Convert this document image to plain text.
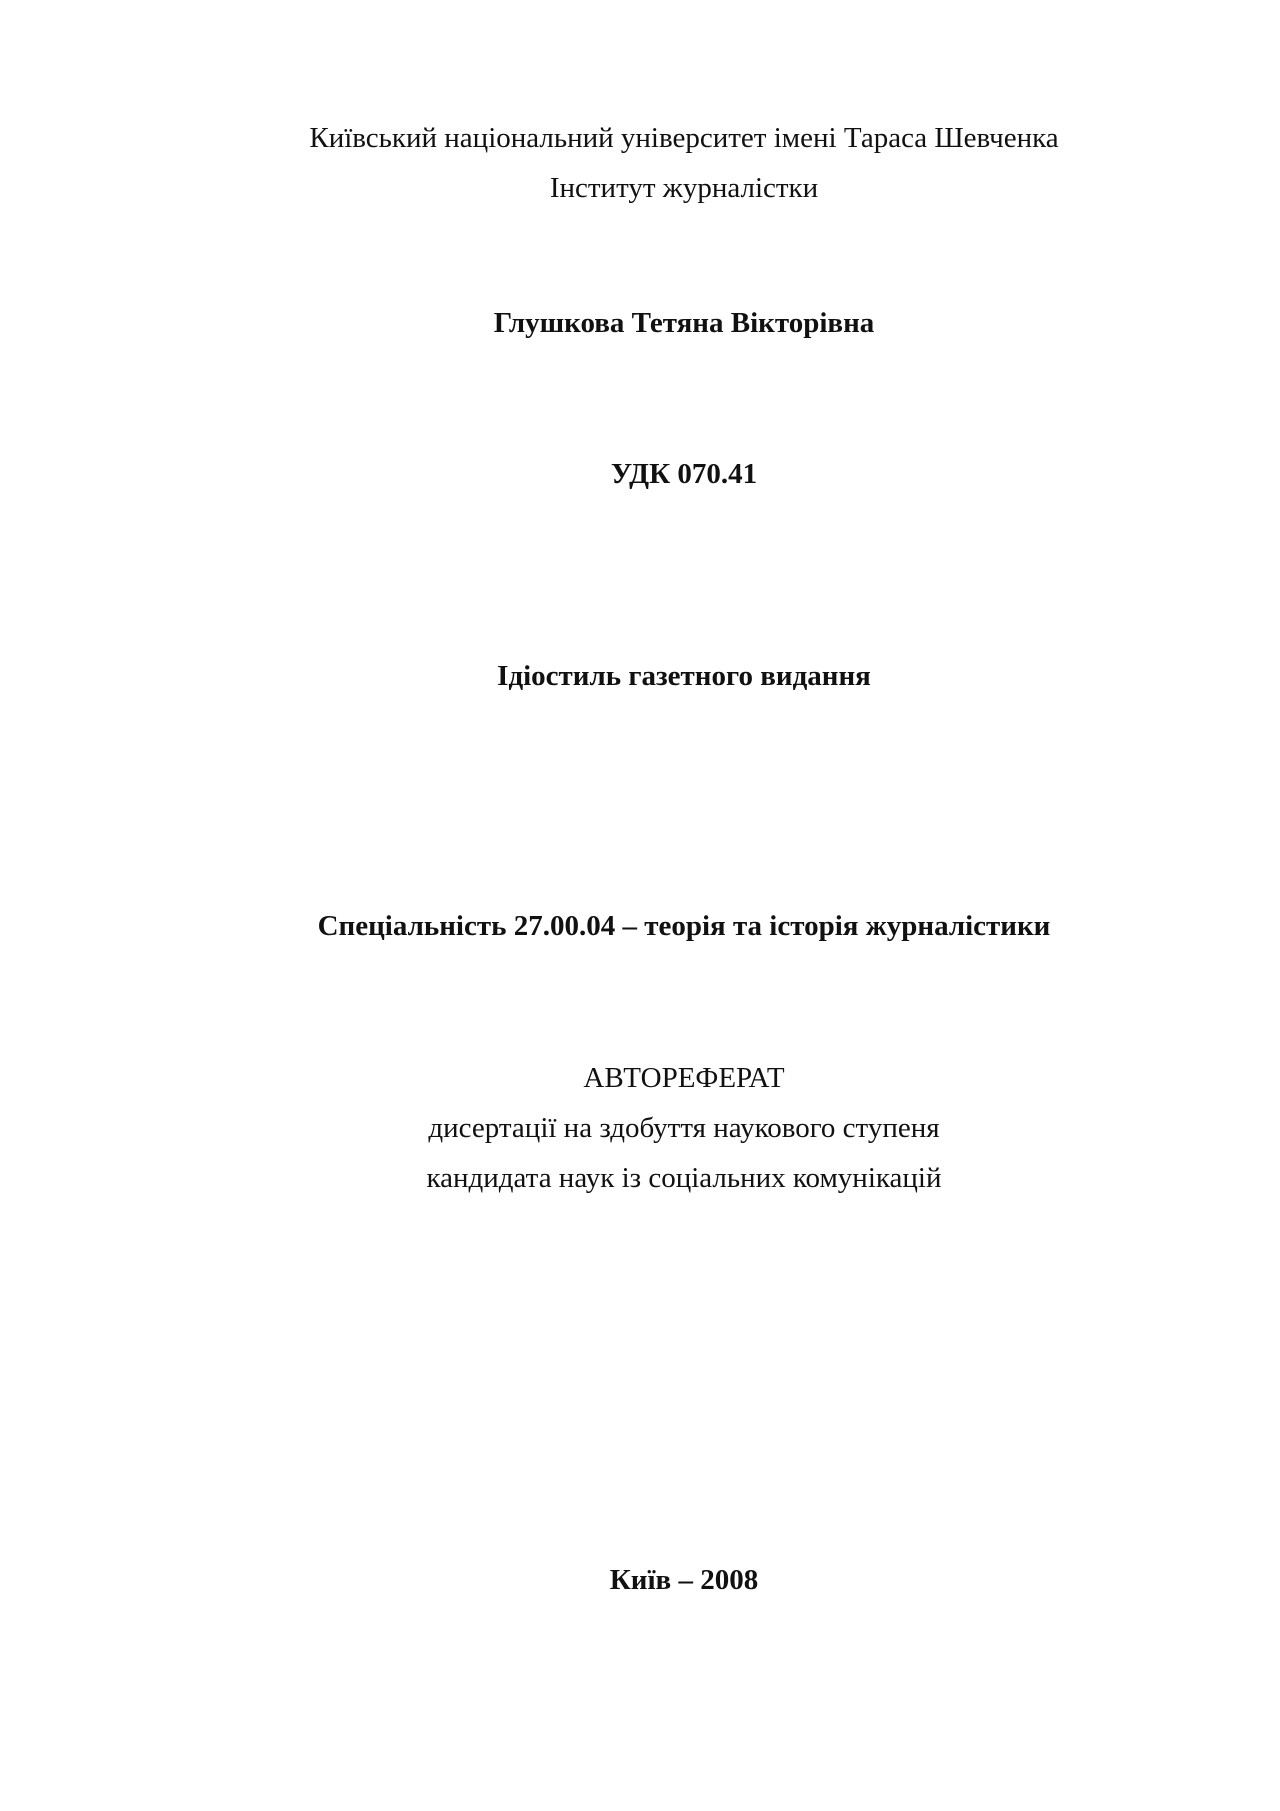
Київський національний університет імені Тараса Шевченка
Інститут журналістки
Глушкова Тетяна Вікторівна
УДК 070.41
Ідіостиль газетного видання
Спеціальність 27.00.04 – теорія та історія журналістики
АВТОРЕФЕРАТ
дисертації на здобуття наукового ступеня
кандидата наук із соціальних комунікацій
Київ – 2008
